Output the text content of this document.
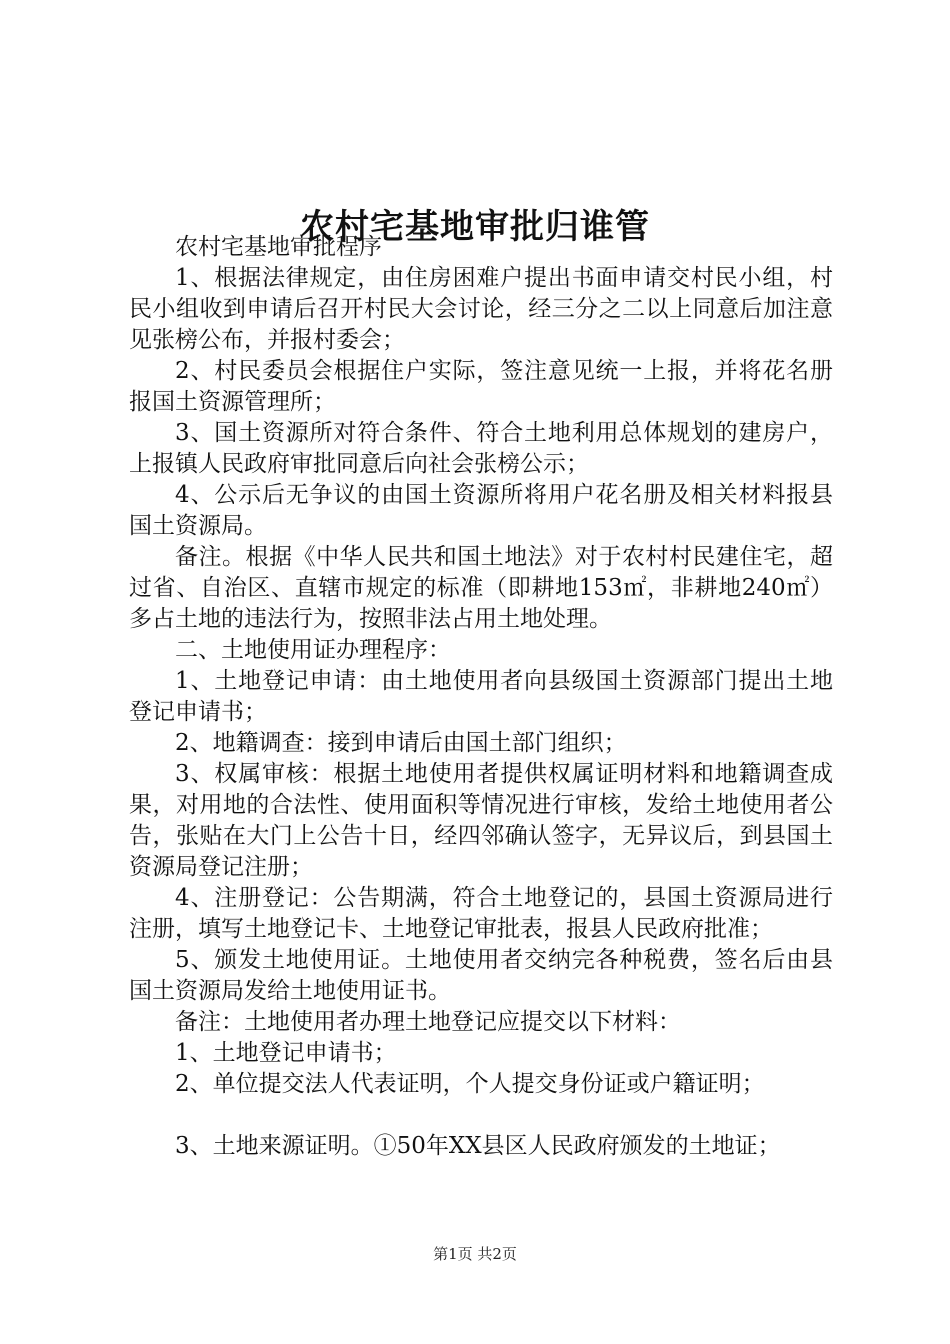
农村宅基地审批归谁管

农村宅基地审批程序

1、根据法律规定，由住房困难户提出书面申请交村民小组，村民小组收到申请后召开村民大会讨论，经三分之二以上同意后加注意见张榜公布，并报村委会；

2、村民委员会根据住户实际，签注意见统一上报，并将花名册报国土资源管理所；

3、国土资源所对符合条件、符合土地利用总体规划的建房户，上报镇人民政府审批同意后向社会张榜公示；

4、公示后无争议的由国土资源所将用户花名册及相关材料报县国土资源局。

备注。根据《中华人民共和国土地法》对于农村村民建住宅，超过省、自治区、直辖市规定的标准（即耕地153㎡，非耕地240㎡）多占土地的违法行为，按照非法占用土地处理。

二、土地使用证办理程序：

1、土地登记申请：由土地使用者向县级国土资源部门提出土地登记申请书；

2、地籍调查：接到申请后由国土部门组织；

3、权属审核：根据土地使用者提供权属证明材料和地籍调查成果，对用地的合法性、使用面积等情况进行审核，发给土地使用者公告，张贴在大门上公告十日，经四邻确认签字，无异议后，到县国土资源局登记注册；

4、注册登记：公告期满，符合土地登记的，县国土资源局进行注册，填写土地登记卡、土地登记审批表，报县人民政府批准；

5、颁发土地使用证。土地使用者交纳完各种税费，签名后由县国土资源局发给土地使用证书。

备注：土地使用者办理土地登记应提交以下材料：

1、土地登记申请书；

2、单位提交法人代表证明，个人提交身份证或户籍证明；

3、土地来源证明。①50年XX县区人民政府颁发的土地证；

第1页 共2页
